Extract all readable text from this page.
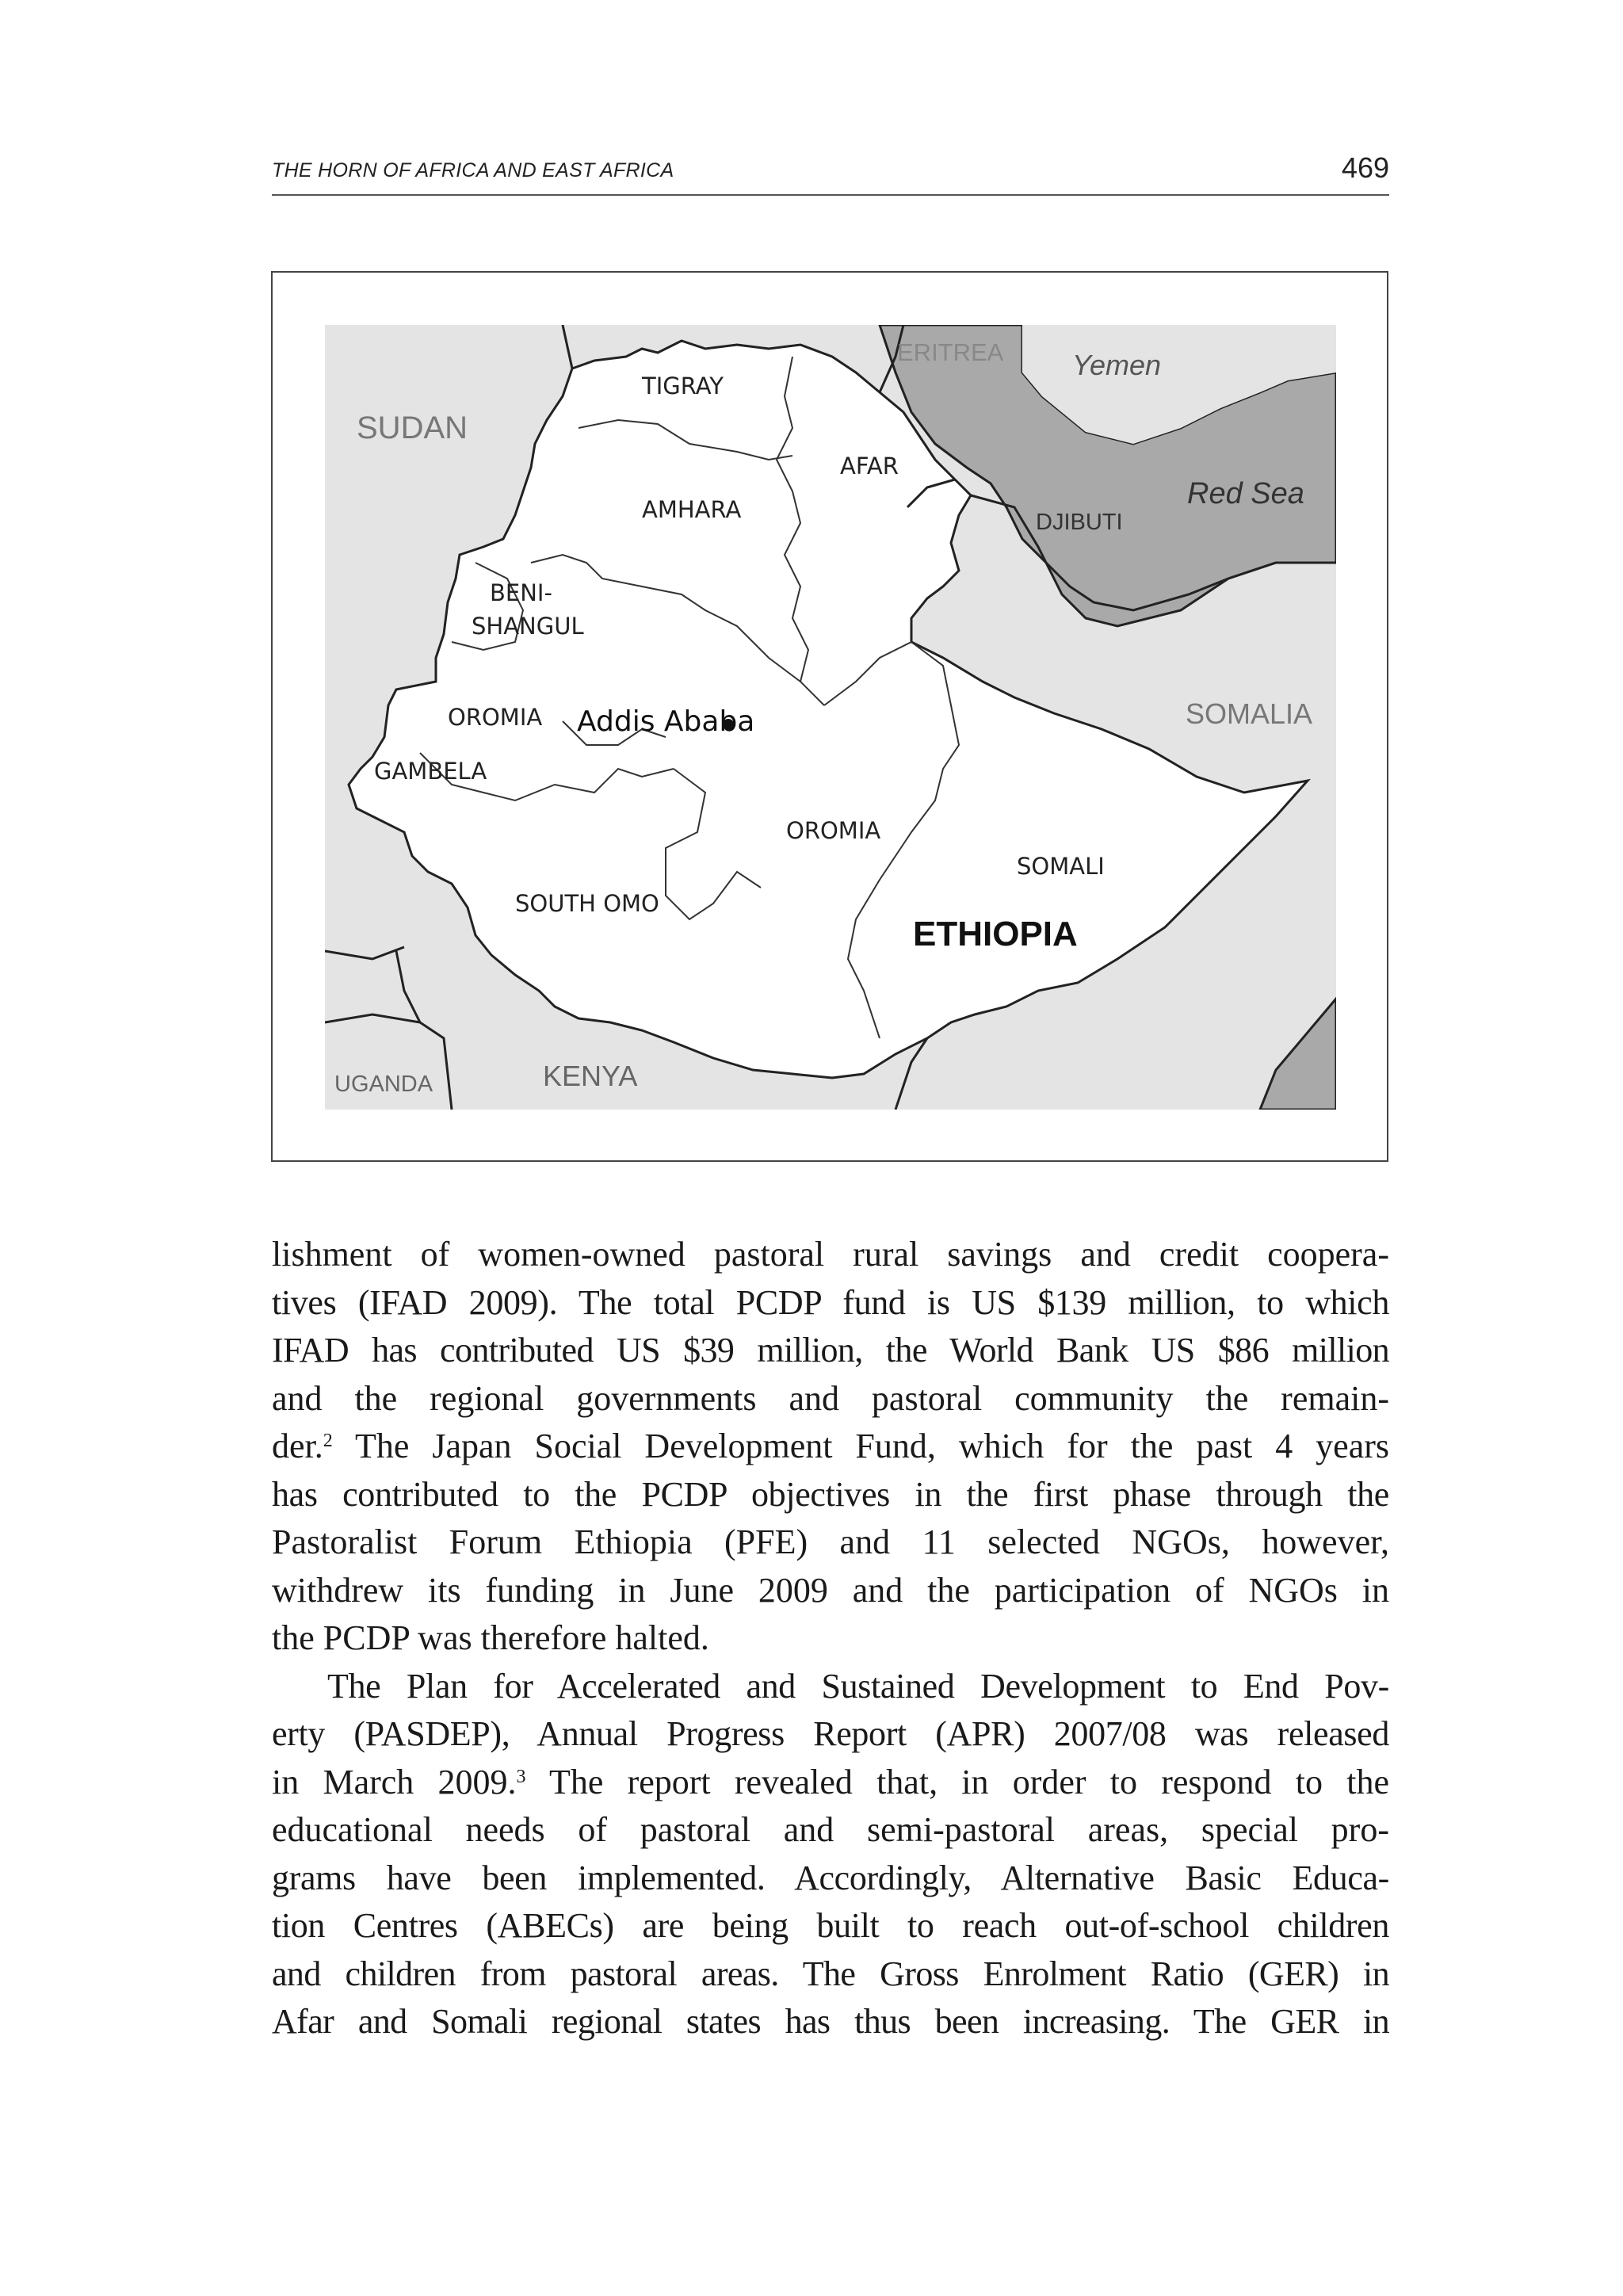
THE HORN OF AFRICA AND EAST AFRICA	469
ERITREA Yemen
SUDAN
Red Sea
DJIBUTI
SOMALIA
UGANDA	KENYA
ETHIOPIA
TIGRAY
AFAR
AMHARA
BENI-
SHANGUL
OROMIA Addis Ababa
GAMBELA
OROMIA
SOMALI
SOUTH OMO
lishment of women-owned pastoral rural savings and credit coopera-
tives (IFAD 2009). The total PCDP fund is US $139 million, to which
IFAD has contributed US $39 million, the World Bank US $86 million
and the regional governments and pastoral community the remain-
der.$^2$ The Japan Social Development Fund, which for the past 4 years
has contributed to the PCDP objectives in the first phase through the
Pastoralist Forum Ethiopia (PFE) and 11 selected NGOs, however,
withdrew its funding in June 2009 and the participation of NGOs in
the PCDP was therefore halted.
The Plan for Accelerated and Sustained Development to End Pov-
erty (PASDEP), Annual Progress Report (APR) 2007/08 was released
in March 2009.$^3$ The report revealed that, in order to respond to the
educational needs of pastoral and semi-pastoral areas, special pro-
grams have been implemented. Accordingly, Alternative Basic Educa-
tion Centres (ABECs) are being built to reach out-of-school children
and children from pastoral areas. The Gross Enrolment Ratio (GER) in
Afar and Somali regional states has thus been increasing. The GER in
